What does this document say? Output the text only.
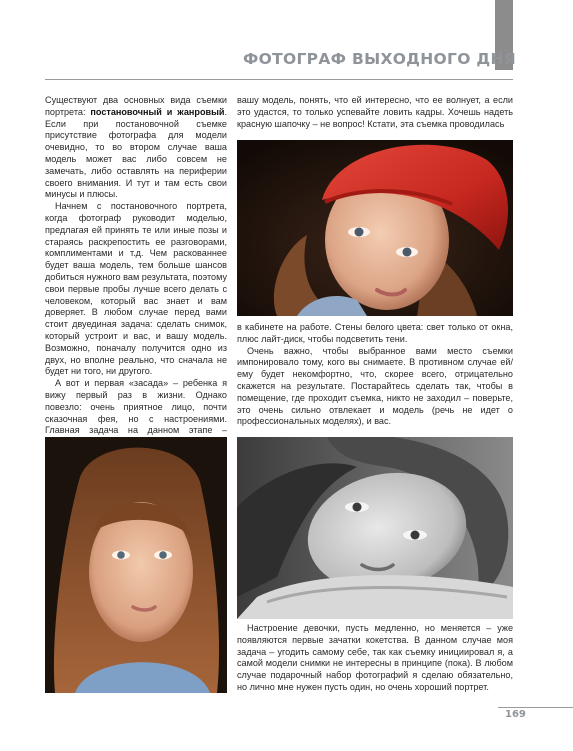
ФОТОГРАФ ВЫХОДНОГО ДНЯ

Существуют два основных вида съемки портрета: постановочный и жанровый. Если при постановочной съемке присутствие фотографа для модели очевидно, то во втором случае ваша модель может вас либо совсем не замечать, либо оставлять на периферии своего внимания. И тут и там есть свои минусы и плюсы.

Начнем с постановочного портрета, когда фотограф руководит моделью, предлагая ей принять те или иные позы и стараясь раскрепостить ее разговорами, комплиментами и т.д. Чем раскованнее будет ваша модель, тем больше шансов добиться нужного вам результата, поэтому свои первые пробы лучше всего делать с человеком, который вас знает и вам доверяет. В любом случае перед вами стоит двуединая задача: сделать снимок, который устроит и вас, и вашу модель. Возможно, поначалу получится одно из двух, но вполне реально, что сначала не будет ни того, ни другого.

А вот и первая «засада» – ребенка я вижу первый раз в жизни. Однако повезло: очень приятное лицо, почти сказочная фея, но с настроениями. Главная задача на данном этапе –

вашу модель, понять, что ей интересно, что ее волнует, а если это удастся, то только успевайте ловить кадры. Хочешь надеть красную шапочку – не вопрос! Кстати, эта съемка проводилась

в кабинете на работе. Стены белого цвета: свет только от окна, плюс лайт-диск, чтобы подсветить тени.

Очень важно, чтобы выбранное вами место съемки импонировало тому, кого вы снимаете. В противном случае ей/ему будет некомфортно, что, скорее всего, отрицательно скажется на результате. Постарайтесь сделать так, чтобы в помещение, где проходит съемка, никто не заходил – поверьте, это очень сильно отвлекает и модель (речь не идет о профессиональных моделях), и вас.

Настроение девочки, пусть медленно, но меняется – уже появляются первые зачатки кокетства. В данном случае моя задача – угодить самому себе, так как съемку инициировал я, а самой модели снимки не интересны в принципе (пока). В любом случае подарочный набор фотографий я сделаю обязательно, но лично мне нужен пусть один, но очень хороший портрет.

169
